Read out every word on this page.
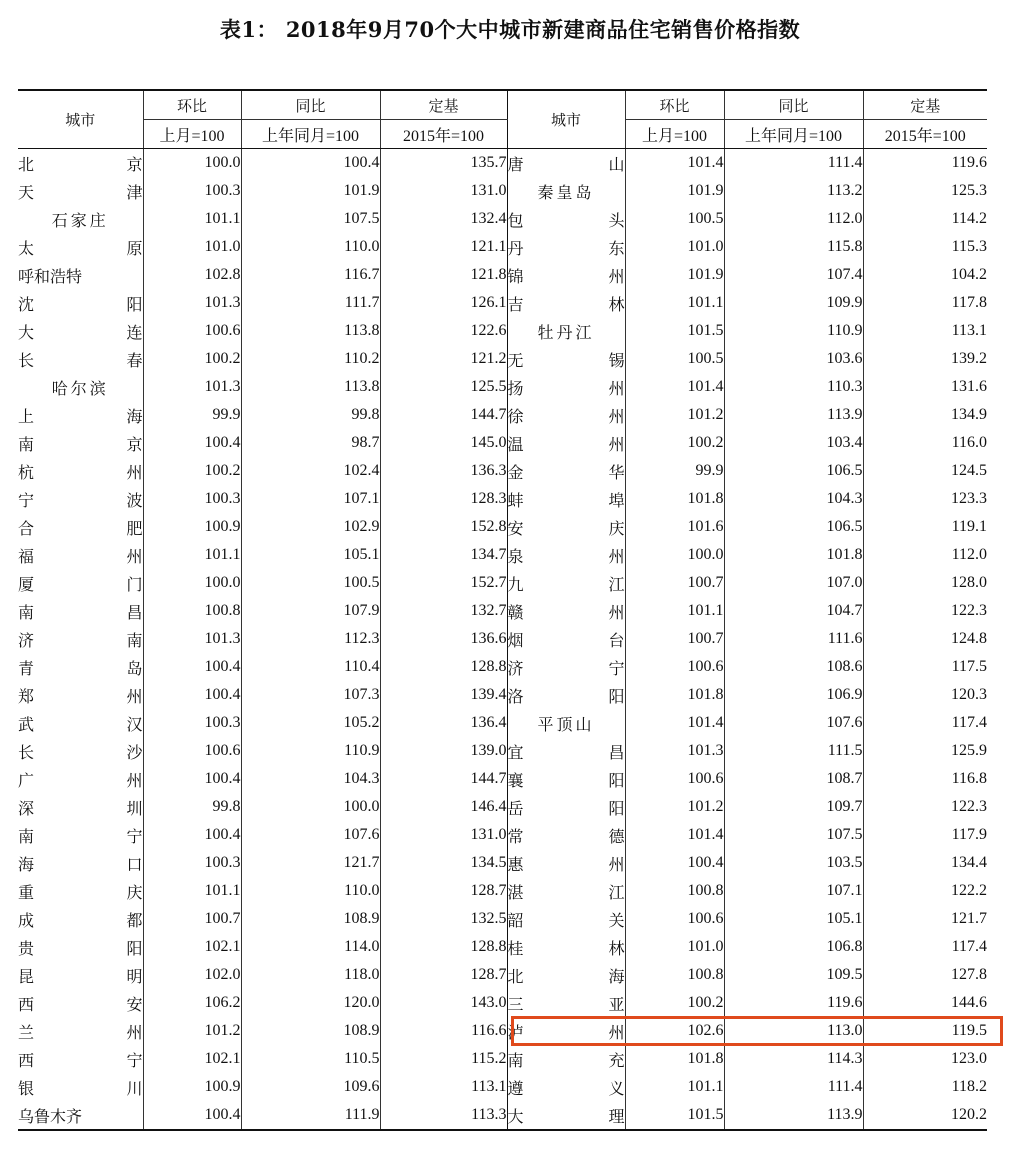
表1： 2018年9月70个大中城市新建商品住宅销售价格指数
城市	环比	同比	定基	城市	环比	同比	定基
	上月=100	上年同月=100	2015年=100		上月=100	上年同月=100	2015年=100

北 京	100.0	100.4	135.7	唐 山	101.4	111.4	119.6

天 津	100.3	101.9	131.0	秦皇岛	101.9	113.2	125.3

石家庄	101.1	107.5	132.4	包 头	100.5	112.0	114.2

太 原	101.0	110.0	121.1	丹 东	101.0	115.8	115.3

呼和浩特	102.8	116.7	121.8	锦 州	101.9	107.4	104.2

沈 阳	101.3	111.7	126.1	吉 林	101.1	109.9	117.8

大 连	100.6	113.8	122.6	牡丹江	101.5	110.9	113.1

长 春	100.2	110.2	121.2	无 锡	100.5	103.6	139.2

哈尔滨	101.3	113.8	125.5	扬 州	101.4	110.3	131.6

上 海	99.9	99.8	144.7	徐 州	101.2	113.9	134.9

南 京	100.4	98.7	145.0	温 州	100.2	103.4	116.0

杭 州	100.2	102.4	136.3	金 华	99.9	106.5	124.5

宁 波	100.3	107.1	128.3	蚌 埠	101.8	104.3	123.3

合 肥	100.9	102.9	152.8	安 庆	101.6	106.5	119.1

福 州	101.1	105.1	134.7	泉 州	100.0	101.8	112.0

厦 门	100.0	100.5	152.7	九 江	100.7	107.0	128.0

南 昌	100.8	107.9	132.7	赣 州	101.1	104.7	122.3

济 南	101.3	112.3	136.6	烟 台	100.7	111.6	124.8

青 岛	100.4	110.4	128.8	济 宁	100.6	108.6	117.5

郑 州	100.4	107.3	139.4	洛 阳	101.8	106.9	120.3

武 汉	100.3	105.2	136.4	平顶山	101.4	107.6	117.4

长 沙	100.6	110.9	139.0	宜 昌	101.3	111.5	125.9

广 州	100.4	104.3	144.7	襄 阳	100.6	108.7	116.8

深 圳	99.8	100.0	146.4	岳 阳	101.2	109.7	122.3

南 宁	100.4	107.6	131.0	常 德	101.4	107.5	117.9

海 口	100.3	121.7	134.5	惠 州	100.4	103.5	134.4

重 庆	101.1	110.0	128.7	湛 江	100.8	107.1	122.2

成 都	100.7	108.9	132.5	韶 关	100.6	105.1	121.7

贵 阳	102.1	114.0	128.8	桂 林	101.0	106.8	117.4

昆 明	102.0	118.0	128.7	北 海	100.8	109.5	127.8

西 安	106.2	120.0	143.0	三 亚	100.2	119.6	144.6

兰 州	101.2	108.9	116.6	泸 州	102.6	113.0	119.5

西 宁	102.1	110.5	115.2	南 充	101.8	114.3	123.0

银 川	100.9	109.6	113.1	遵 义	101.1	111.4	118.2

乌鲁木齐	100.4	111.9	113.3	大 理	101.5	113.9	120.2
